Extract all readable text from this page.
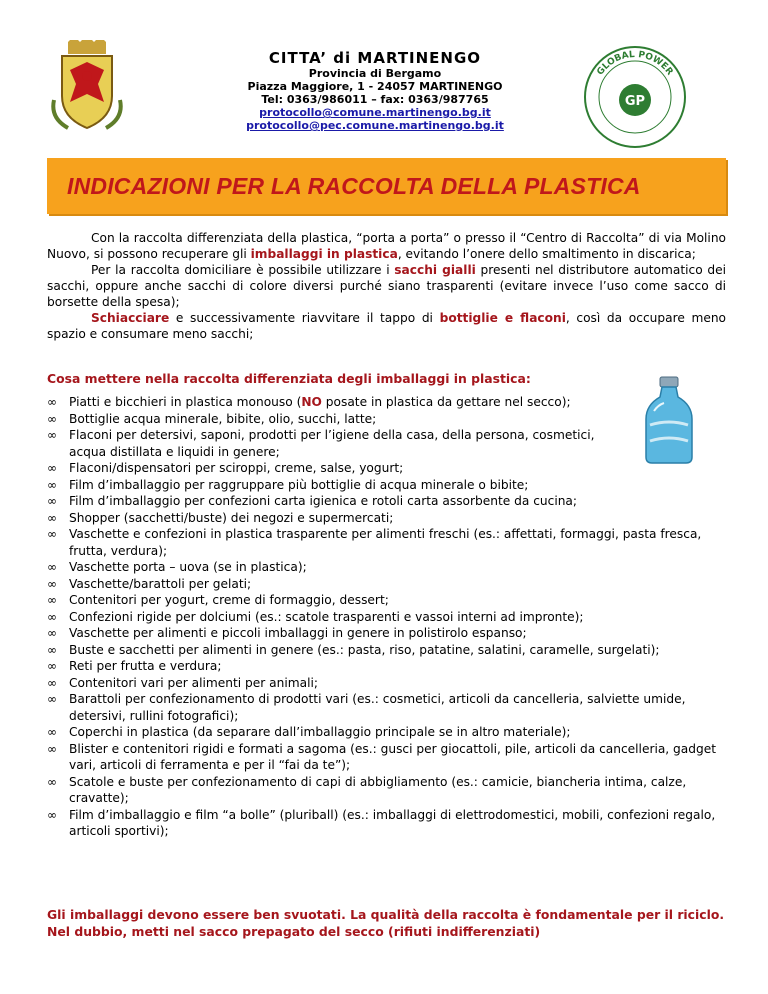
CITTA’ di MARTINENGO
Provincia di Bergamo
Piazza Maggiore, 1 - 24057 MARTINENGO
Tel: 0363/986011 – fax: 0363/987765
protocollo@comune.martinengo.bg.it
protocollo@pec.comune.martinengo.bg.it
GLOBAL POWER
GP
INDICAZIONI PER LA RACCOLTA DELLA PLASTICA

Con la raccolta differenziata della plastica, “porta a porta” o presso il “Centro di Raccolta” di via Molino Nuovo, si possono recuperare gli imballaggi in plastica, evitando l’onere dello smaltimento in discarica;

Per la raccolta domiciliare è possibile utilizzare i sacchi gialli presenti nel distributore automatico dei sacchi, oppure anche sacchi di colore diversi purché siano trasparenti (evitare invece l’uso come sacco di borsette della spesa);

Schiacciare e successivamente riavvitare il tappo di bottiglie e flaconi, così da occupare meno spazio e consumare meno sacchi;

Cosa mettere nella raccolta differenziata degli imballaggi in plastica:
∞ Piatti e bicchieri in plastica monouso (NO posate in plastica da gettare nel secco);
∞ Bottiglie acqua minerale, bibite, olio, succhi, latte;
∞ Flaconi per detersivi, saponi, prodotti per l’igiene della casa, della persona, cosmetici, acqua distillata e liquidi in genere;
∞ Flaconi/dispensatori per sciroppi, creme, salse, yogurt;
∞ Film d’imballaggio per raggruppare più bottiglie di acqua minerale o bibite;
∞ Film d’imballaggio per confezioni carta igienica e rotoli carta assorbente da cucina;
∞ Shopper (sacchetti/buste) dei negozi e supermercati;
∞ Vaschette e confezioni in plastica trasparente per alimenti freschi (es.: affettati, formaggi, pasta fresca, frutta, verdura);
∞ Vaschette porta – uova (se in plastica);
∞ Vaschette/barattoli per gelati;
∞ Contenitori per yogurt, creme di formaggio, dessert;
∞ Confezioni rigide per dolciumi (es.: scatole trasparenti e vassoi interni ad impronte);
∞ Vaschette per alimenti e piccoli imballaggi in genere in polistirolo espanso;
∞ Buste e sacchetti per alimenti in genere (es.: pasta, riso, patatine, salatini, caramelle, surgelati);
∞ Reti per frutta e verdura;
∞ Contenitori vari per alimenti per animali;
∞ Barattoli per confezionamento di prodotti vari (es.: cosmetici, articoli da cancelleria, salviette umide, detersivi, rullini fotografici);
∞ Coperchi in plastica (da separare dall’imballaggio principale se in altro materiale);
∞ Blister e contenitori rigidi e formati a sagoma (es.: gusci per giocattoli, pile, articoli da cancelleria, gadget vari, articoli di ferramenta e per il “fai da te”);
∞ Scatole e buste per confezionamento di capi di abbigliamento (es.: camicie, biancheria intima, calze, cravatte);
∞ Film d’imballaggio e film “a bolle” (pluriball) (es.: imballaggi di elettrodomestici, mobili, confezioni regalo, articoli sportivi);
Gli imballaggi devono essere ben svuotati. La qualità della raccolta è fondamentale per il riciclo. Nel dubbio, metti nel sacco prepagato del secco (rifiuti indifferenziati)
